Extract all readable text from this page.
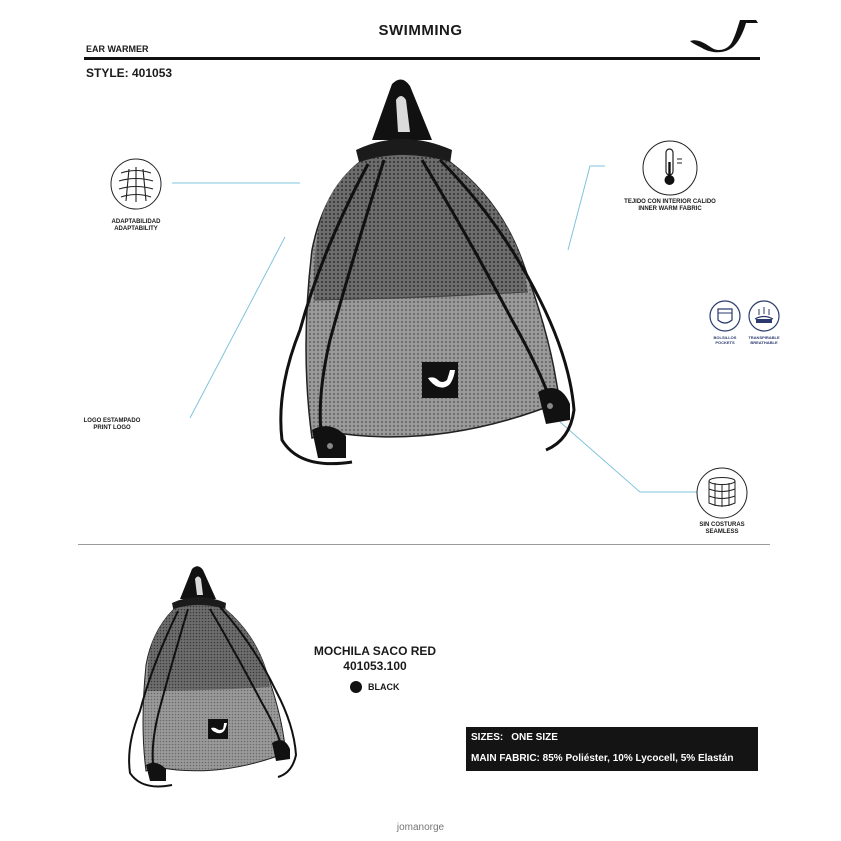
SWIMMING
EAR WARMER
STYLE: 401053
ADAPTABILIDAD
ADAPTABILITY
TEJIDO CON INTERIOR CALIDO
INNER WARM FABRIC
BOLSILLOS
POCKETS
TRANSPIRABLE
BREATHABLE
LOGO ESTAMPADO
PRINT LOGO
SIN COSTURAS
SEAMLESS
MOCHILA SACO RED
401053.100
BLACK
SIZES: ONE SIZE
MAIN FABRIC: 85% Poliéster, 10% Lycocell, 5% Elastán
jomanorge
